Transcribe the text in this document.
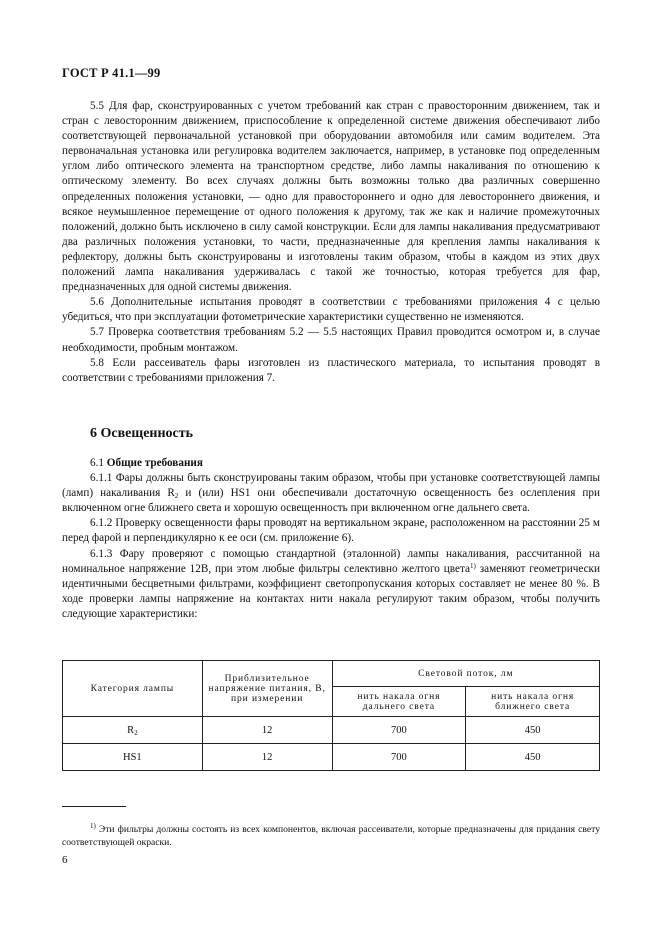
ГОСТ Р 41.1—99

5.5 Для фар, сконструированных с учетом требований как стран с правосторонним движением, так и стран с левосторонним движением, приспособление к определенной системе движения обеспечивают либо соответствующей первоначальной установкой при оборудовании автомобиля или самим водителем. Эта первоначальная установка или регулировка водителем заключается, например, в установке под определенным углом либо оптического элемента на транспортном средстве, либо лампы накаливания по отношению к оптическому элементу. Во всех случаях должны быть возможны только два различных совершенно определенных положения установки, — одно для правостороннего и одно для левостороннего движения, и всякое неумышленное перемещение от одного положения к другому, так же как и наличие промежуточных положений, должно быть исключено в силу самой конструкции. Если для лампы накаливания предусматривают два различных положения установки, то части, предназначенные для крепления лампы накаливания к рефлектору, должны быть сконструированы и изготовлены таким образом, чтобы в каждом из этих двух положений лампа накаливания удерживалась с такой же точностью, которая требуется для фар, предназначенных для одной системы движения.

5.6 Дополнительные испытания проводят в соответствии с требованиями приложения 4 с целью убедиться, что при эксплуатации фотометрические характеристики существенно не изменяются.

5.7 Проверка соответствия требованиям 5.2 — 5.5 настоящих Правил проводится осмотром и, в случае необходимости, пробным монтажом.

5.8 Если рассеиватель фары изготовлен из пластического материала, то испытания проводят в соответствии с требованиями приложения 7.

6 Освещенность

6.1 Общие требования

6.1.1 Фары должны быть сконструированы таким образом, чтобы при установке соответствующей лампы (ламп) накаливания $R_2$ и (или) HS1 они обеспечивали достаточную освещенность без ослепления при включенном огне ближнего света и хорошую освещенность при включенном огне дальнего света.

6.1.2 Проверку освещенности фары проводят на вертикальном экране, расположенном на расстоянии 25 м перед фарой и перпендикулярно к ее оси (см. приложение 6).

6.1.3 Фару проверяют с помощью стандартной (эталонной) лампы накаливания, рассчитанной на номинальное напряжение 12В, при этом любые фильтры селективно желтого цвета$^{1)}$ заменяют геометрически идентичными бесцветными фильтрами, коэффициент светопропускания которых составляет не менее 80 %. В ходе проверки лампы напряжение на контактах нити накала регулируют таким образом, чтобы получить следующие характеристики:

Категория лампы	Приблизительное напряжение питания, В, при измерении	Световой поток, лм	
		нить накала огня дальнего света	нить накала огня ближнего света
$R_2$	12	700	450
HS1	12	700	450

$^{1)}$ Эти фильтры должны состоять из всех компонентов, включая рассеиватели, которые предназначены для придания свету соответствующей окраски.

6
